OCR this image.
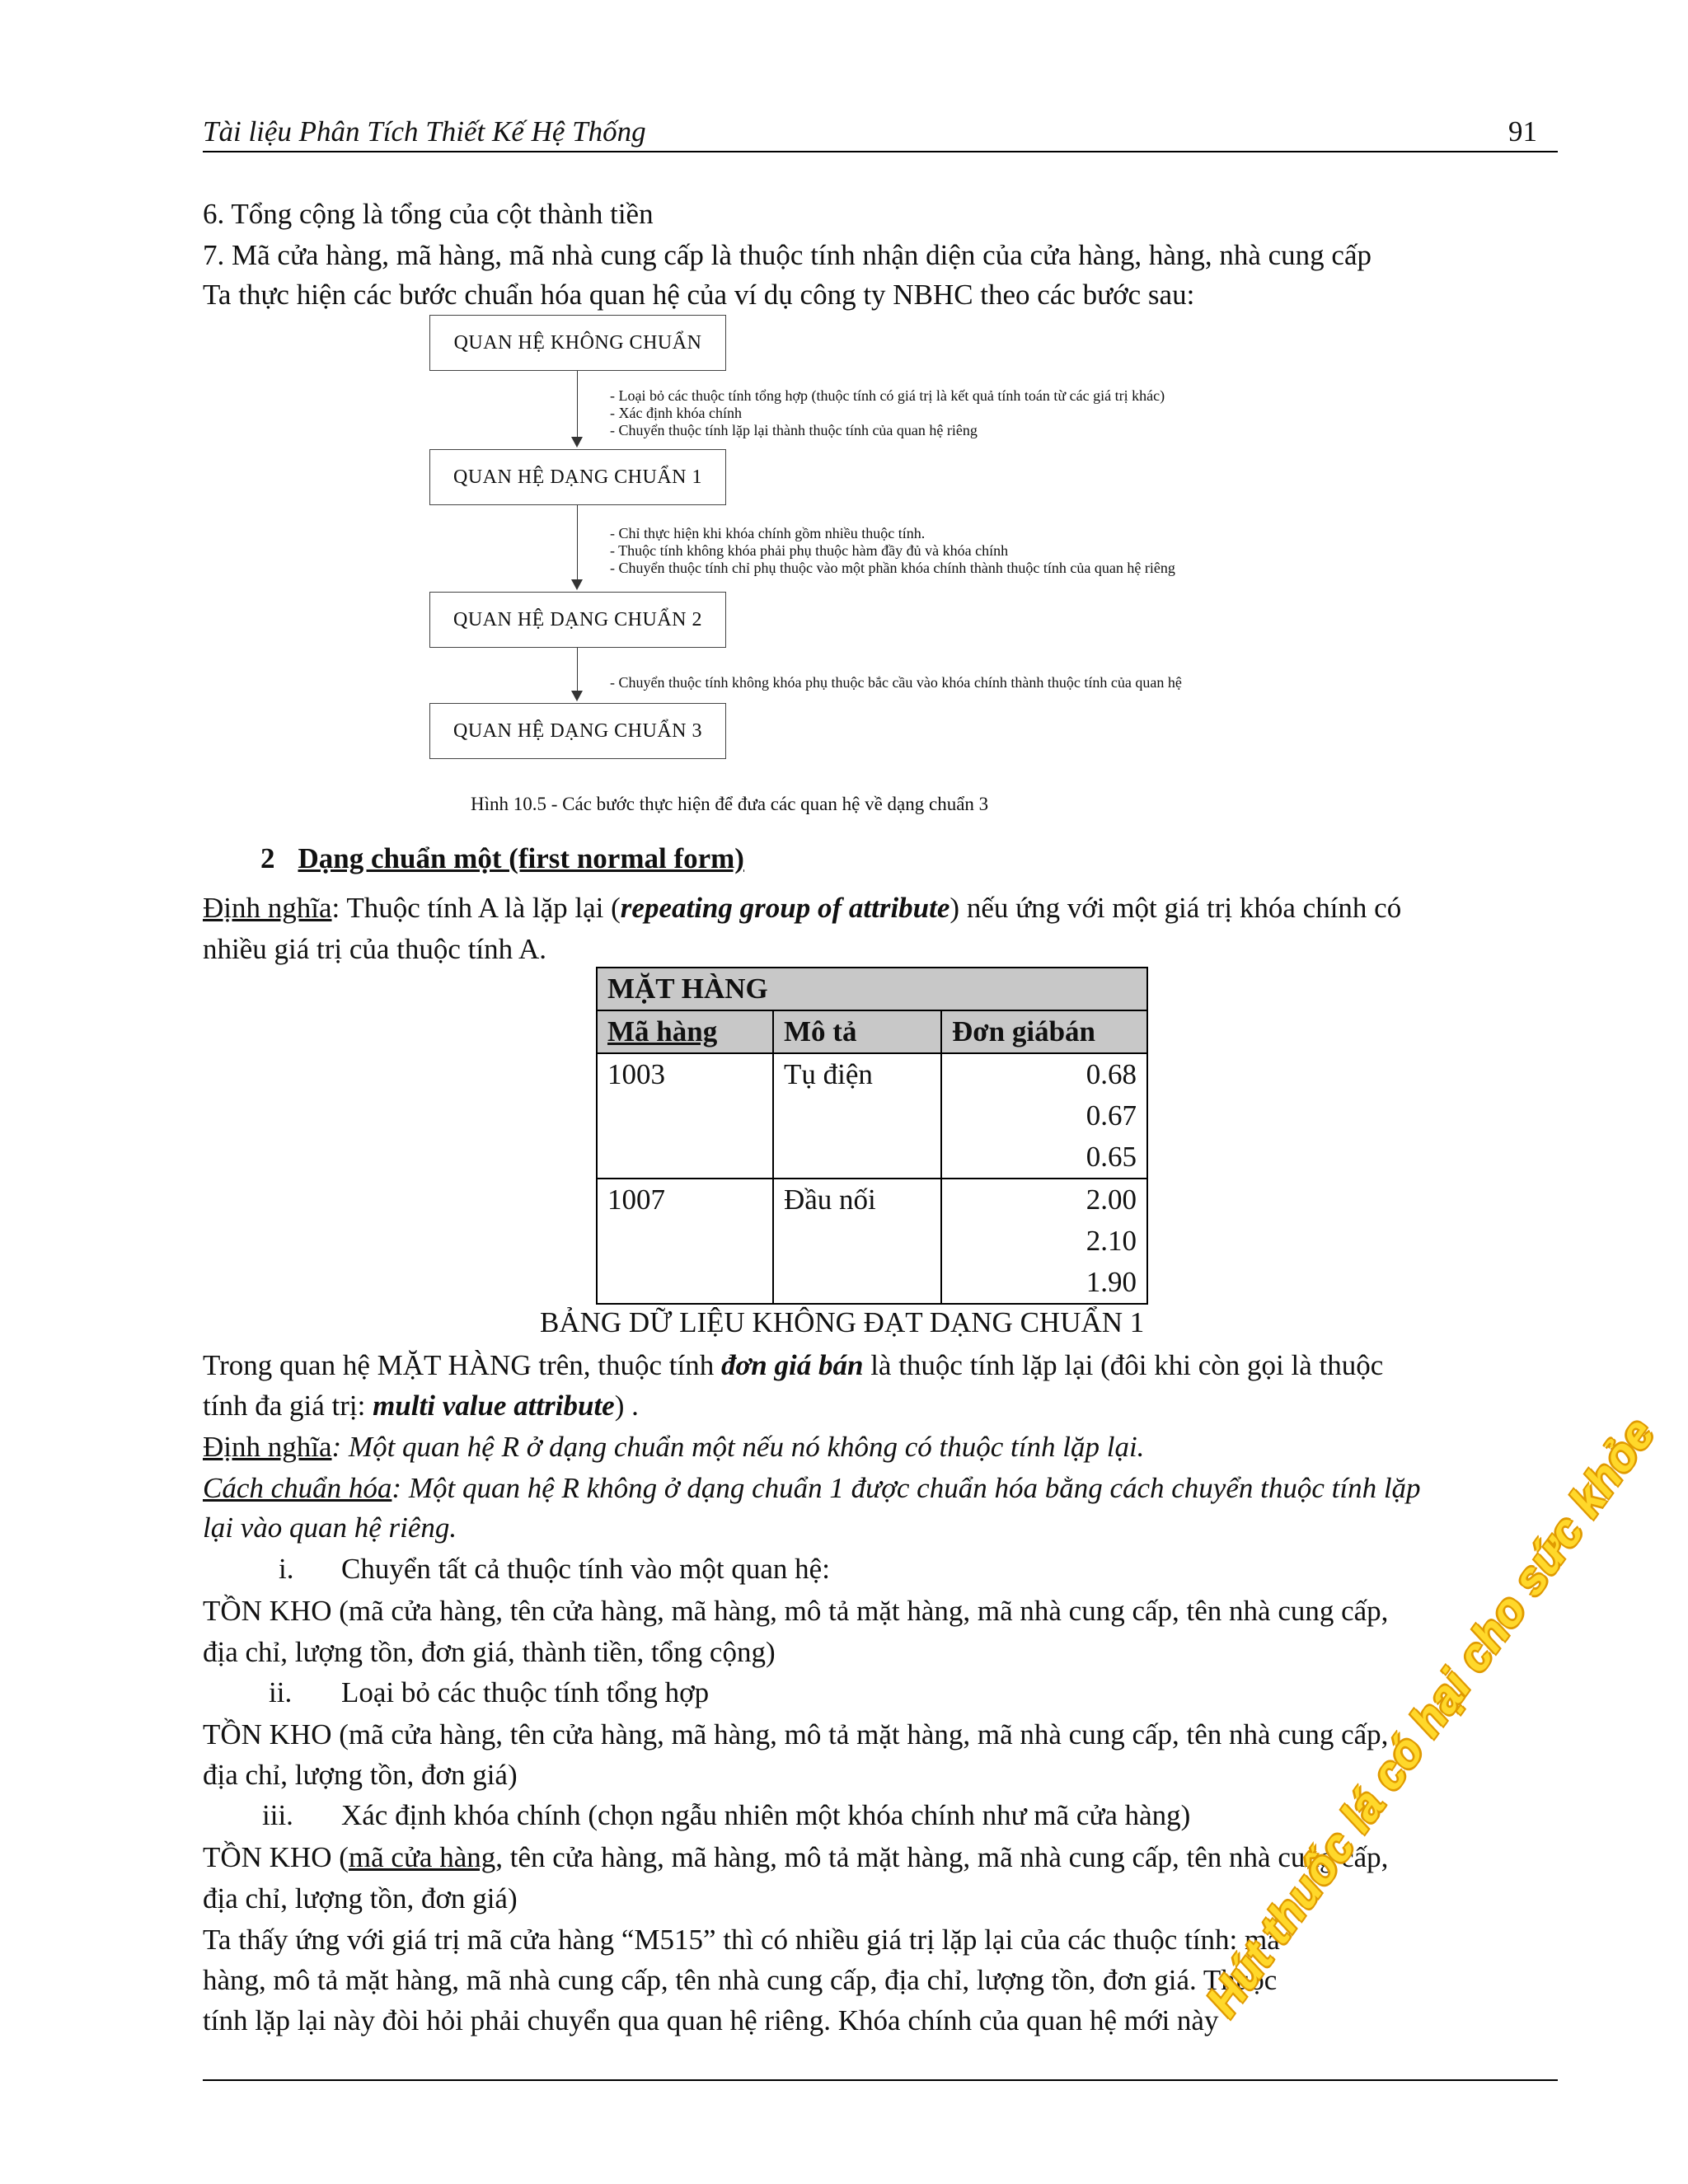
Tài liệu Phân Tích Thiết Kế Hệ Thống	91
6. Tổng cộng là tổng của cột thành tiền
7. Mã cửa hàng, mã hàng, mã nhà cung cấp là thuộc tính nhận diện của cửa hàng, hàng, nhà cung cấp
Ta thực hiện các bước chuẩn hóa quan hệ của ví dụ công ty NBHC theo các bước sau:
QUAN HỆ KHÔNG CHUẨN
- Loại bỏ các thuộc tính tổng hợp (thuộc tính có giá trị là kết quả tính toán từ các giá trị khác)
- Xác định khóa chính
- Chuyển thuộc tính lặp lại thành thuộc tính của quan hệ riêng
QUAN HỆ DẠNG CHUẨN 1
- Chỉ thực hiện khi khóa chính gồm nhiều thuộc tính.
- Thuộc tính không khóa phải phụ thuộc hàm đầy đủ và khóa chính
- Chuyển thuộc tính chỉ phụ thuộc vào một phần khóa chính thành thuộc tính của quan hệ riêng
QUAN HỆ DẠNG CHUẨN 2
- Chuyển thuộc tính không khóa phụ thuộc bắc cầu vào khóa chính thành thuộc tính của quan hệ
QUAN HỆ DẠNG CHUẨN 3
Hình 10.5 - Các bước thực hiện để đưa các quan hệ về dạng chuẩn 3
2 Dạng chuẩn một (first normal form)
Định nghĩa: Thuộc tính A là lặp lại (repeating group of attribute) nếu ứng với một giá trị khóa chính có
nhiều giá trị của thuộc tính A.
MẶT HÀNG		
Mã hàng	Mô tả	Đơn giábán
1003	Tụ điện	0.68
0.67
0.65

1007	Đầu nối	2.00
2.10
1.90
BẢNG DỮ LIỆU KHÔNG ĐẠT DẠNG CHUẨN 1
Trong quan hệ MẶT HÀNG trên, thuộc tính đơn giá bán là thuộc tính lặp lại (đôi khi còn gọi là thuộc
tính đa giá trị: multi value attribute) .
Định nghĩa: Một quan hệ R ở dạng chuẩn một nếu nó không có thuộc tính lặp lại.
Cách chuẩn hóa: Một quan hệ R không ở dạng chuẩn 1 được chuẩn hóa bằng cách chuyển thuộc tính lặp
lại vào quan hệ riêng.
i. Chuyển tất cả thuộc tính vào một quan hệ:
TỒN KHO (mã cửa hàng, tên cửa hàng, mã hàng, mô tả mặt hàng, mã nhà cung cấp, tên nhà cung cấp,
địa chỉ, lượng tồn, đơn giá, thành tiền, tổng cộng)
ii. Loại bỏ các thuộc tính tổng hợp
TỒN KHO (mã cửa hàng, tên cửa hàng, mã hàng, mô tả mặt hàng, mã nhà cung cấp, tên nhà cung cấp,
địa chỉ, lượng tồn, đơn giá)
iii. Xác định khóa chính (chọn ngẫu nhiên một khóa chính như mã cửa hàng)
TỒN KHO (mã cửa hàng, tên cửa hàng, mã hàng, mô tả mặt hàng, mã nhà cung cấp, tên nhà cung cấp,
địa chỉ, lượng tồn, đơn giá)
Ta thấy ứng với giá trị mã cửa hàng “M515” thì có nhiều giá trị lặp lại của các thuộc tính: mã
hàng, mô tả mặt hàng, mã nhà cung cấp, tên nhà cung cấp, địa chỉ, lượng tồn, đơn giá. Thuộc
tính lặp lại này đòi hỏi phải chuyển qua quan hệ riêng. Khóa chính của quan hệ mới này
Hút thuốc lá có hại cho sức khỏe
